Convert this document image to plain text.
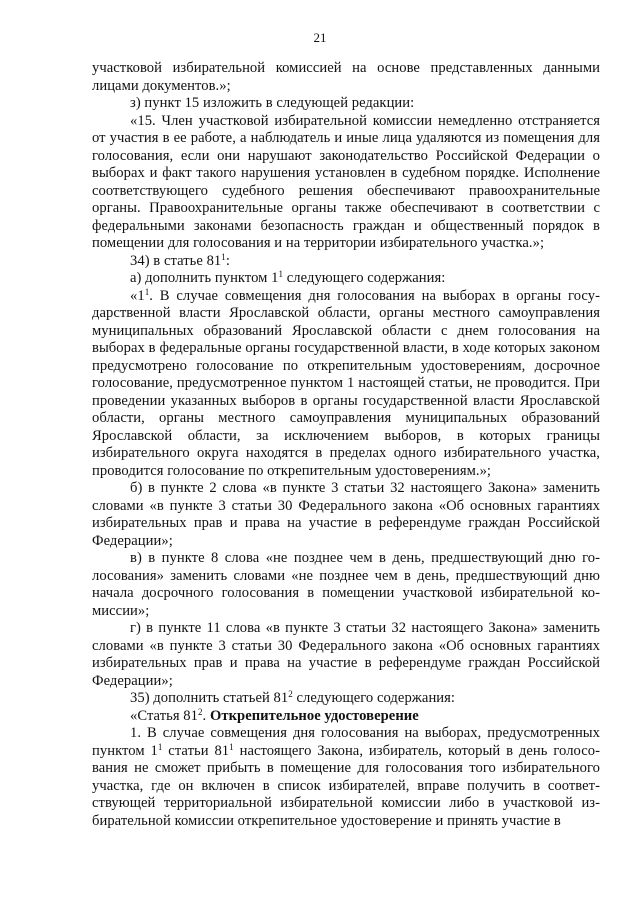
21

участковой избирательной комиссией на основе представленных данными лицами документов.»;

з) пункт 15 изложить в следующей редакции:

«15. Член участковой избирательной комиссии немедленно отстраняется от участия в ее работе, а наблюдатель и иные лица удаляются из помещения для голосования, если они нарушают законодательство Российской Федерации о выборах и факт такого нарушения установлен в судебном порядке. Исполнение соответствующего судебного решения обеспечивают правоохранительные органы. Правоохранительные органы также обеспечивают в соответствии с федеральными законами безопасность граждан и общественный порядок в помещении для голосования и на территории избирательного участка.»;

34) в статье $81^1$:

а) дополнить пунктом $1^1$ следующего содержания:

«$1^1$. В случае совмещения дня голосования на выборах в органы государственной власти Ярославской области, органы местного самоуправления муниципальных образований Ярославской области с днем голосования на выборах в федеральные органы государственной власти, в ходе которых законом предусмотрено голосование по открепительным удостоверениям, досрочное голосование, предусмотренное пунктом 1 настоящей статьи, не проводится. При проведении указанных выборов в органы государственной власти Ярославской области, органы местного самоуправления муниципальных образований Ярославской области, за исключением выборов, в которых границы избирательного округа находятся в пределах одного избирательного участка, проводится голосование по открепительным удостоверениям.»;

б) в пункте 2 слова «в пункте 3 статьи 32 настоящего Закона» заменить словами «в пункте 3 статьи 30 Федерального закона «Об основных гарантиях избирательных прав и права на участие в референдуме граждан Российской Федерации»;

в) в пункте 8 слова «не позднее чем в день, предшествующий дню голосования» заменить словами «не позднее чем в день, предшествующий дню начала досрочного голосования в помещении участковой избирательной комиссии»;

г) в пункте 11 слова «в пункте 3 статьи 32 настоящего Закона» заменить словами «в пункте 3 статьи 30 Федерального закона «Об основных гарантиях избирательных прав и права на участие в референдуме граждан Российской Федерации»;

35) дополнить статьей $81^2$ следующего содержания:

«Статья $81^2$. Открепительное удостоверение

1. В случае совмещения дня голосования на выборах, предусмотренных пунктом $1^1$ статьи $81^1$ настоящего Закона, избиратель, который в день голосования не сможет прибыть в помещение для голосования того избирательного участка, где он включен в список избирателей, вправе получить в соответствующей территориальной избирательной комиссии либо в участковой избирательной комиссии открепительное удостоверение и принять участие в
